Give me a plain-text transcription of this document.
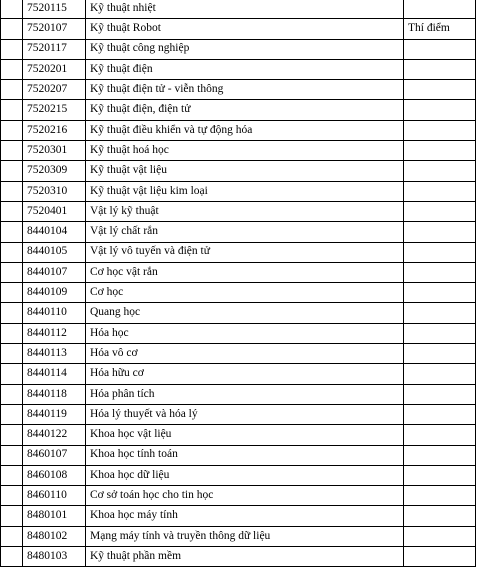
	7520115	Kỹ thuật nhiệt	
	7520107	Kỹ thuật Robot	Thí điểm
	7520117	Kỹ thuật công nghiệp	
	7520201	Kỹ thuật điện	
	7520207	Kỹ thuật điện tử - viễn thông	
	7520215	Kỹ thuật điện, điện tử	
	7520216	Kỹ thuật điều khiển và tự động hóa	
	7520301	Kỹ thuật hoá học	
	7520309	Kỹ thuật vật liệu	
	7520310	Kỹ thuật vật liệu kim loại	
	7520401	Vật lý kỹ thuật	
	8440104	Vật lý chất rắn	
	8440105	Vật lý vô tuyến và điện tử	
	8440107	Cơ học vật rắn	
	8440109	Cơ học	
	8440110	Quang học	
	8440112	Hóa học	
	8440113	Hóa vô cơ	
	8440114	Hóa hữu cơ	
	8440118	Hóa phân tích	
	8440119	Hóa lý thuyết và hóa lý	
	8440122	Khoa học vật liệu	
	8460107	Khoa học tính toán	
	8460108	Khoa học dữ liệu	
	8460110	Cơ sở toán học cho tin học	
	8480101	Khoa học máy tính	
	8480102	Mạng máy tính và truyền thông dữ liệu	
	8480103	Kỹ thuật phần mềm	
